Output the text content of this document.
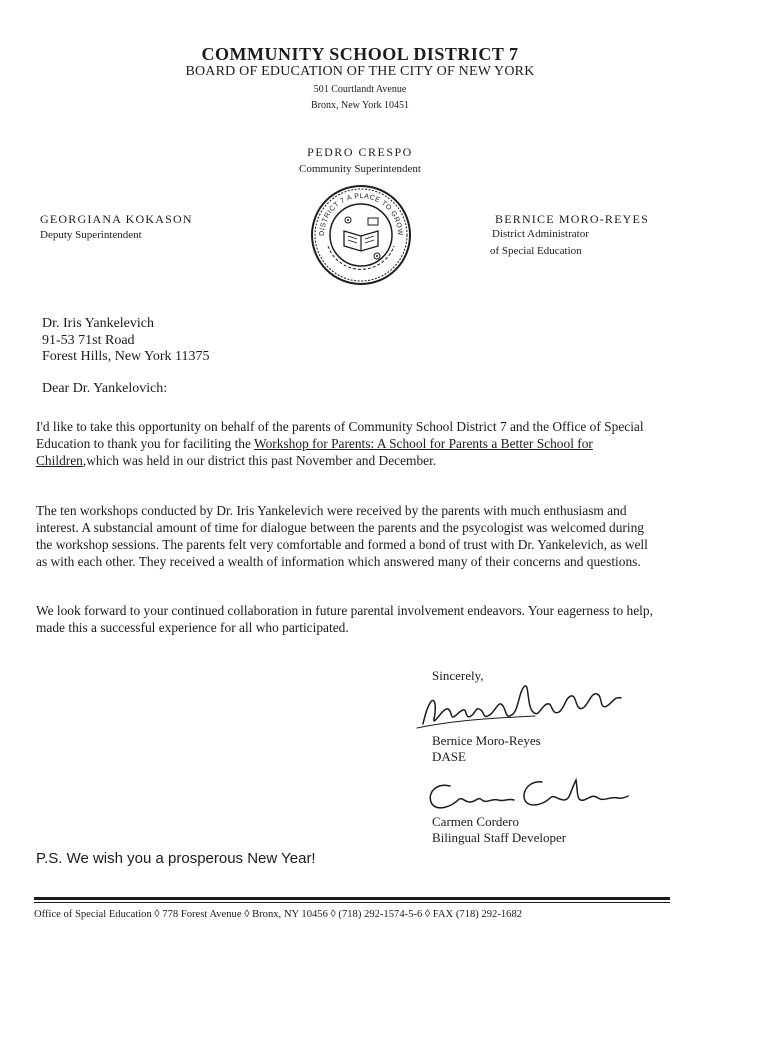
COMMUNITY SCHOOL DISTRICT 7
BOARD OF EDUCATION OF THE CITY OF NEW YORK
501 Courtlandt Avenue
Bronx, New York 10451
PEDRO CRESPO
Community Superintendent
GEORGIANA KOKASON
Deputy Superintendent
BERNICE MORO-REYES
District Administrator
of Special Education
DISTRICT 7 A PLACE TO GROW
Dr. Iris Yankelevich
91-53 71st Road
Forest Hills, New York 11375
Dear Dr. Yankelovich:
I'd like to take this opportunity on behalf of the parents of Community School District 7 and the Office of Special Education to thank you for faciliting the Workshop for Parents: A School for Parents a Better School for Children,which was held in our district this past November and December.
The ten workshops conducted by Dr. Iris Yankelevich were received by the parents with much enthusiasm and interest. A substancial amount of time for dialogue between the parents and the psycologist was welcomed during the workshop sessions. The parents felt very comfortable and formed a bond of trust with Dr. Yankelevich, as well as with each other. They received a wealth of information which answered many of their concerns and questions.
We look forward to your continued collaboration in future parental involvement endeavors. Your eagerness to help, made this a successful experience for all who participated.
Sincerely,
Bernice Moro-Reyes
DASE
Carmen Cordero
Bilingual Staff Developer
P.S. We wish you a prosperous New Year!
Office of Special Education ◊ 778 Forest Avenue ◊ Bronx, NY 10456 ◊ (718) 292-1574-5-6 ◊ FAX (718) 292-1682
